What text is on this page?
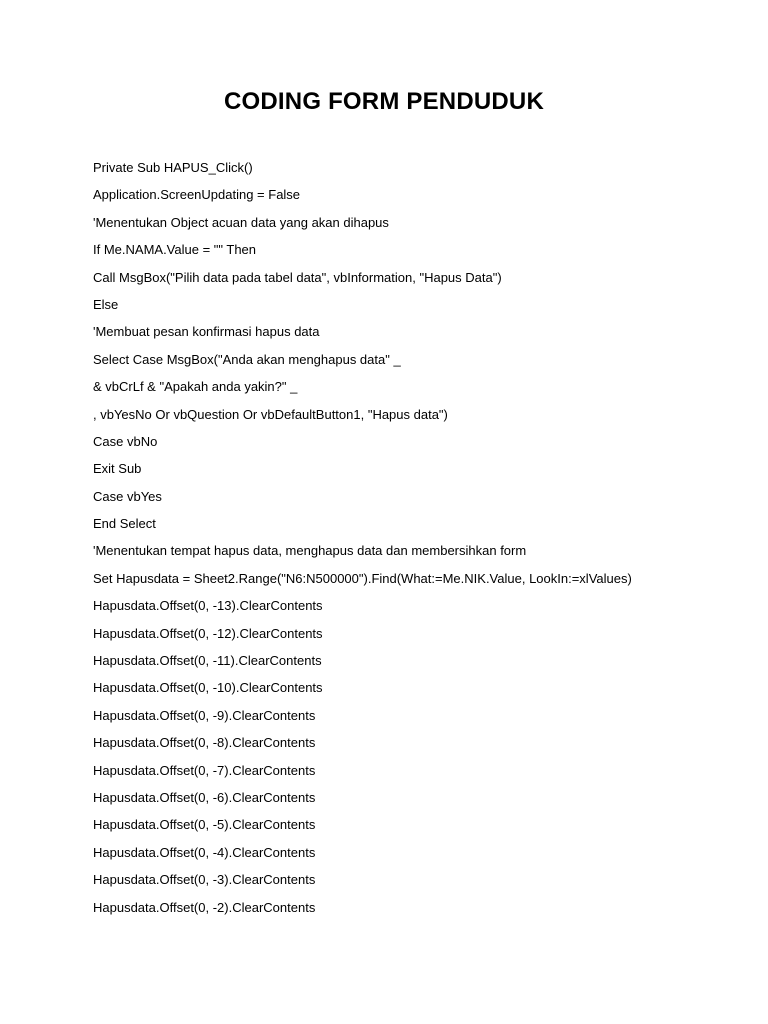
CODING FORM PENDUDUK
Private Sub HAPUS_Click()
Application.ScreenUpdating = False
'Menentukan Object acuan data yang akan dihapus
If Me.NAMA.Value = "" Then
Call MsgBox("Pilih data pada tabel data", vbInformation, "Hapus Data")
Else
'Membuat pesan konfirmasi hapus data
Select Case MsgBox("Anda akan menghapus data" _
& vbCrLf & "Apakah anda yakin?" _
, vbYesNo Or vbQuestion Or vbDefaultButton1, "Hapus data")
Case vbNo
Exit Sub
Case vbYes
End Select
'Menentukan tempat hapus data, menghapus data dan membersihkan form
Set Hapusdata = Sheet2.Range("N6:N500000").Find(What:=Me.NIK.Value, LookIn:=xlValues)
Hapusdata.Offset(0, -13).ClearContents
Hapusdata.Offset(0, -12).ClearContents
Hapusdata.Offset(0, -11).ClearContents
Hapusdata.Offset(0, -10).ClearContents
Hapusdata.Offset(0, -9).ClearContents
Hapusdata.Offset(0, -8).ClearContents
Hapusdata.Offset(0, -7).ClearContents
Hapusdata.Offset(0, -6).ClearContents
Hapusdata.Offset(0, -5).ClearContents
Hapusdata.Offset(0, -4).ClearContents
Hapusdata.Offset(0, -3).ClearContents
Hapusdata.Offset(0, -2).ClearContents
